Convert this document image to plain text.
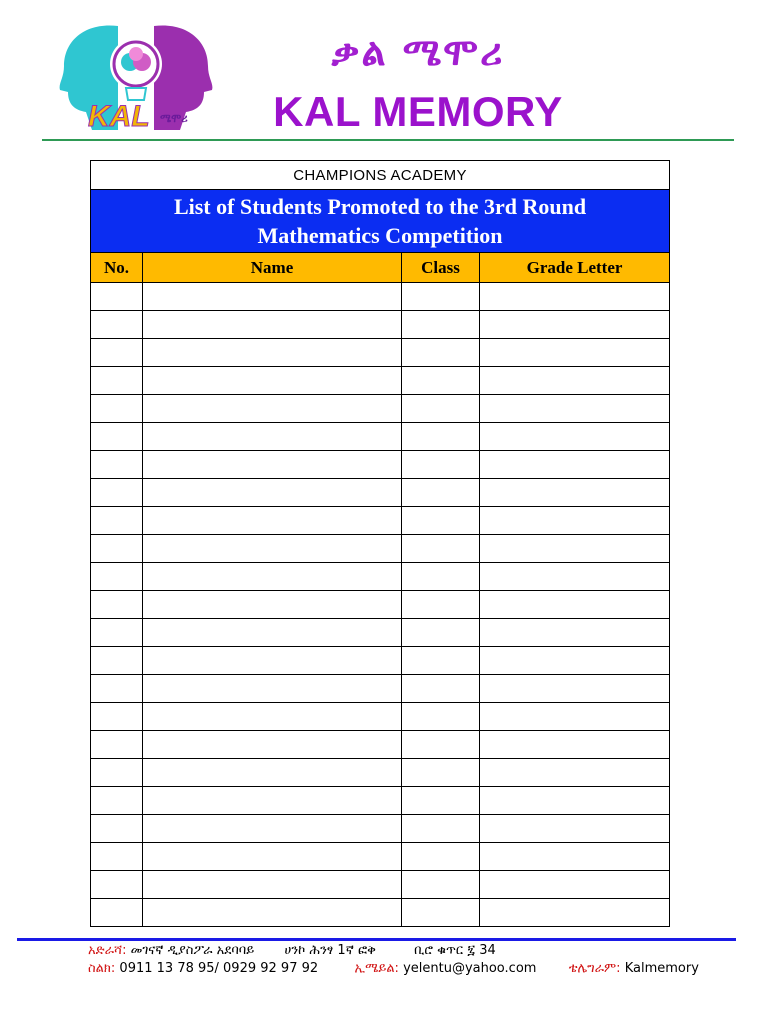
KAL ሜሞሪ
ቃል ሜሞሪ
KAL MEMORY
CHAMPIONS ACADEMY			

List of Students Promoted to the 3rd Round
Mathematics Competition			

No.	Name	Class	Grade Letter

አድራሻ: መገናኛ ዲያስፖራ አደባባይ ሀንኮ ሕንፃ 1ኛ ፎቅ	ቢሮ ቁጥር ፯ 34
ስልክ: 0911 13 78 95/ 0929 92 97 92	ኢሜይል: yelentu@yahoo.com ቴሌግራም: Kalmemory
